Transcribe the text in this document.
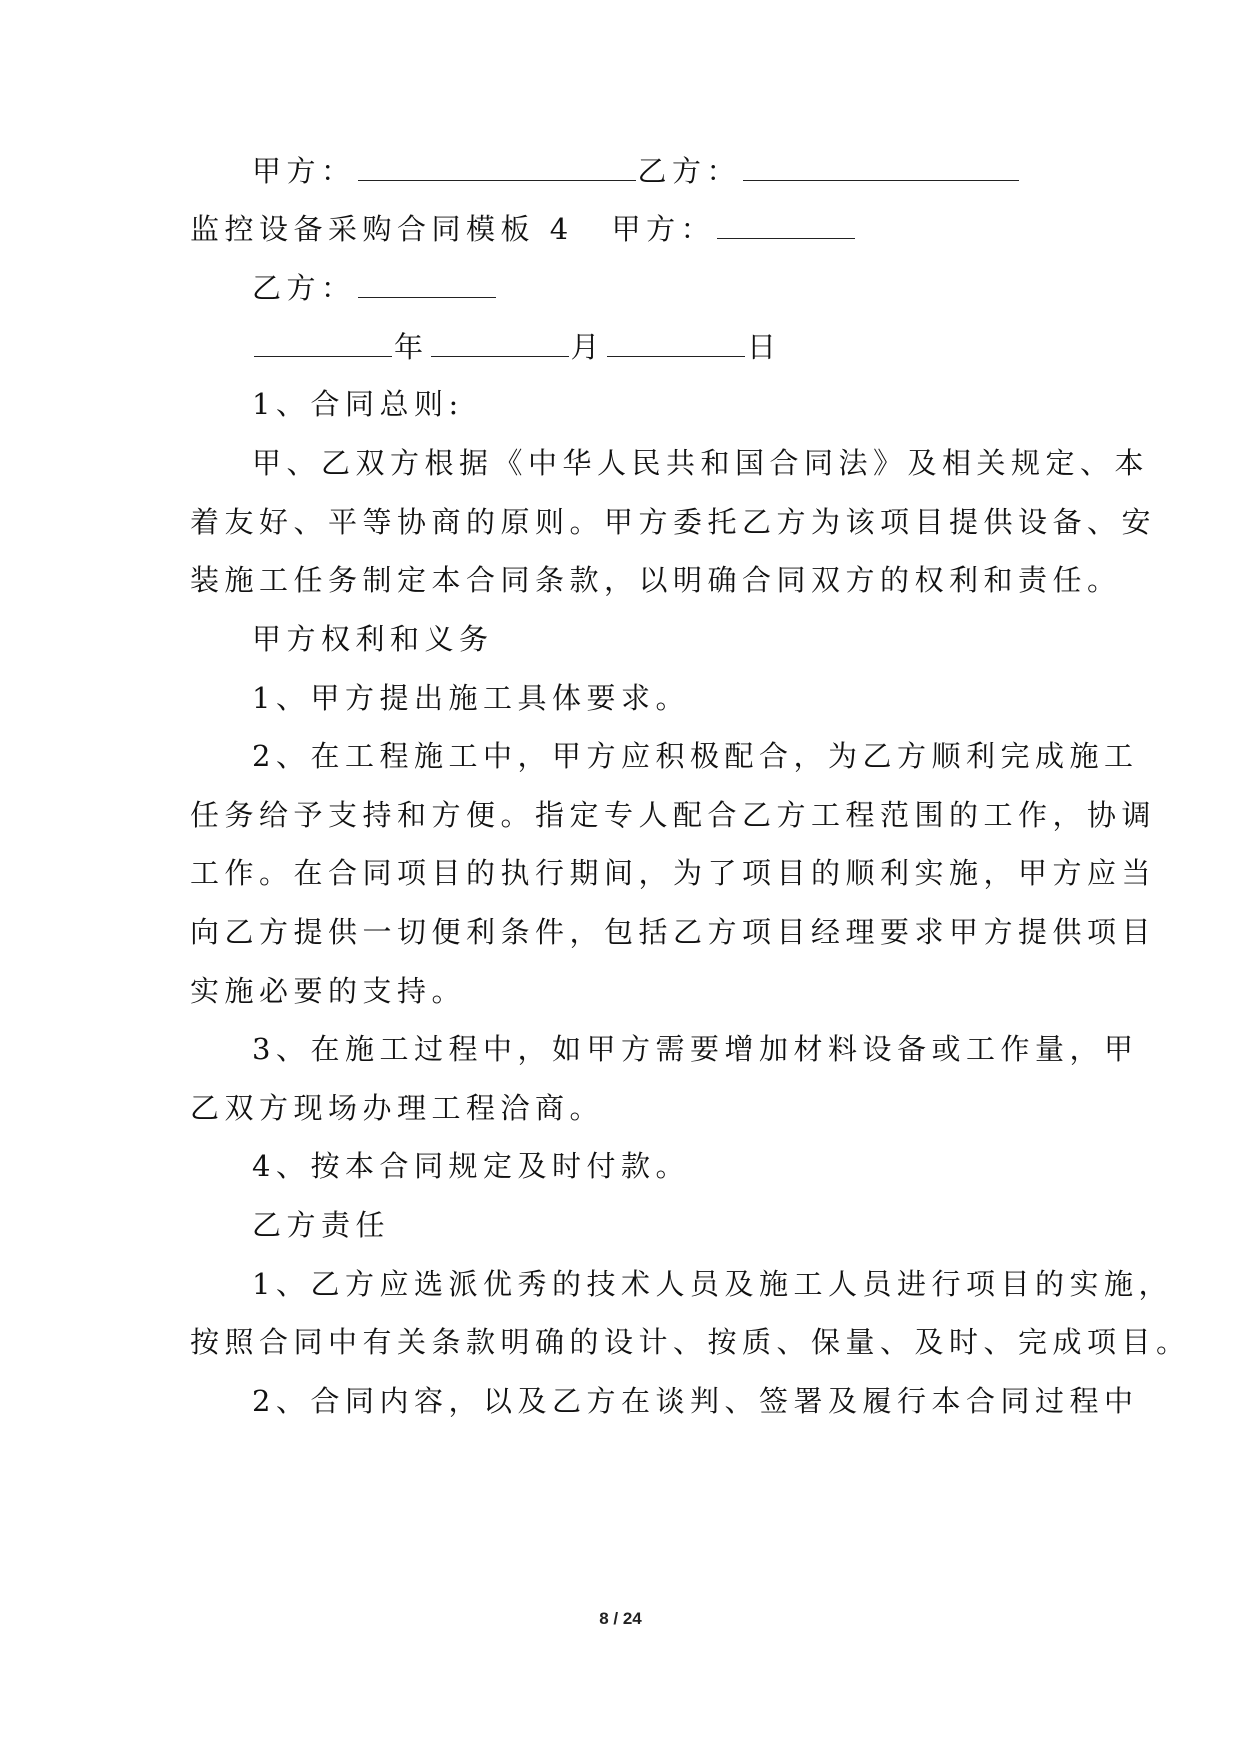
甲方：	乙方：
监控设备采购合同模板 4 甲方：
乙方：
年	月	日
1、合同总则:
甲、乙双方根据《中华人民共和国合同法》及相关规定、本
着友好、平等协商的原则。甲方委托乙方为该项目提供设备、安
装施工任务制定本合同条款，以明确合同双方的权利和责任。
甲方权利和义务
1、甲方提出施工具体要求。
2、在工程施工中，甲方应积极配合，为乙方顺利完成施工
任务给予支持和方便。指定专人配合乙方工程范围的工作，协调
工作。在合同项目的执行期间，为了项目的顺利实施，甲方应当
向乙方提供一切便利条件，包括乙方项目经理要求甲方提供项目
实施必要的支持。
3、在施工过程中，如甲方需要增加材料设备或工作量，甲
乙双方现场办理工程洽商。
4、按本合同规定及时付款。
乙方责任
1、乙方应选派优秀的技术人员及施工人员进行项目的实施，
按照合同中有关条款明确的设计、按质、保量、及时、完成项目。
2、合同内容，以及乙方在谈判、签署及履行本合同过程中
8 / 24
